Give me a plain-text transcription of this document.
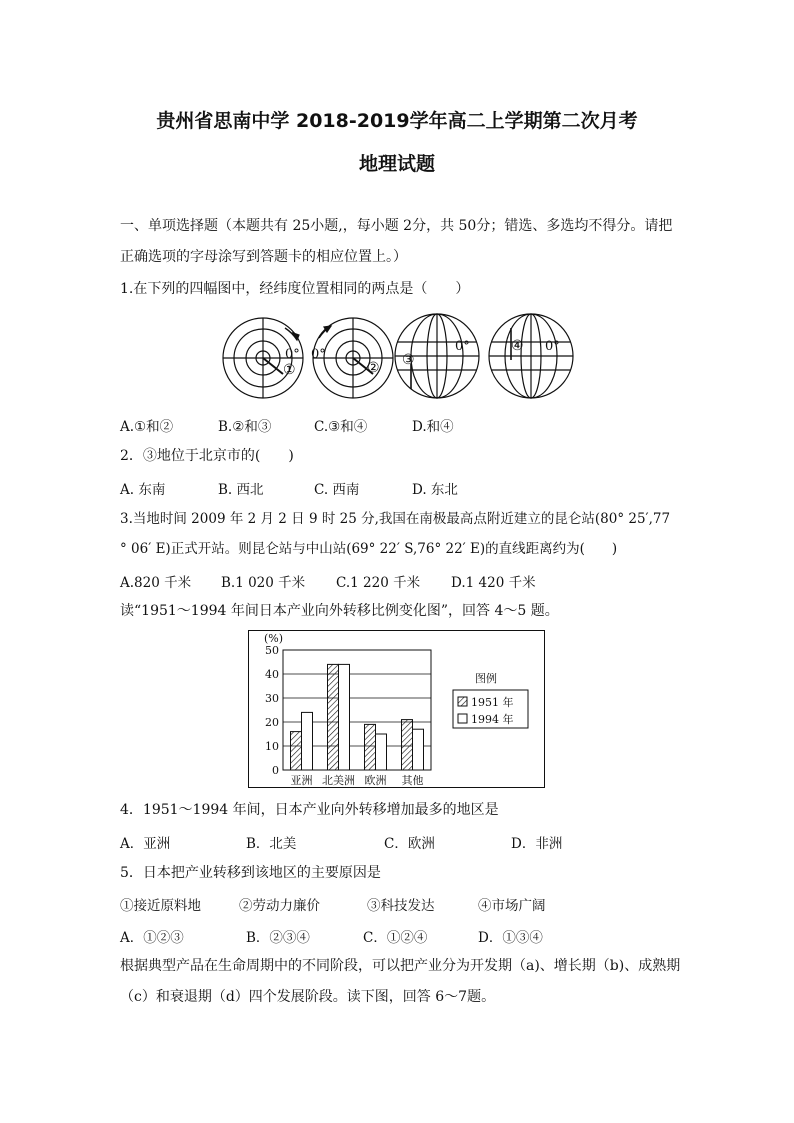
贵州省思南中学 2018-2019学年高二上学期第二次月考
地理试题
一、单项选择题（本题共有 25小题,，每小题 2分，共 50分；错选、多选均不得分。请把
正确选项的字母涂写到答题卡的相应位置上。）
1.在下列的四幅图中，经纬度位置相同的两点是（　　）
0° 0°
0°	0°
①	② ③
④
A.①和②	B.②和③	C.③和④	D.和④
2．③地位于北京市的(　　)
A. 东南	B. 西北	C. 西南	D. 东北
3.当地时间 2009 年 2 月 2 日 9 时 25 分,我国在南极最高点附近建立的昆仑站(80° 25′,77
° 06′ E)正式开站。则昆仑站与中山站(69° 22′ S,76° 22′ E)的直线距离约为(　　)
A.820 千米 B.1 020 千米 C.1 220 千米 D.1 420 千米
读“1951～1994 年间日本产业向外转移比例变化图”，回答 4～5 题。
0
10
20
30
40
50
(%)
亚洲 北美洲 欧洲 其他
图例
1951 年
1994 年
4．1951～1994 年间，日本产业向外转移增加最多的地区是
A．亚洲	B．北美	C．欧洲	D．非洲
5．日本把产业转移到该地区的主要原因是
①接近原料地	②劳动力廉价	③科技发达	④市场广阔
A．①②③	B．②③④	C．①②④	D．①③④
根据典型产品在生命周期中的不同阶段，可以把产业分为开发期（a)、增长期（b)、成熟期
（c）和衰退期（d）四个发展阶段。读下图，回答 6～7题。
